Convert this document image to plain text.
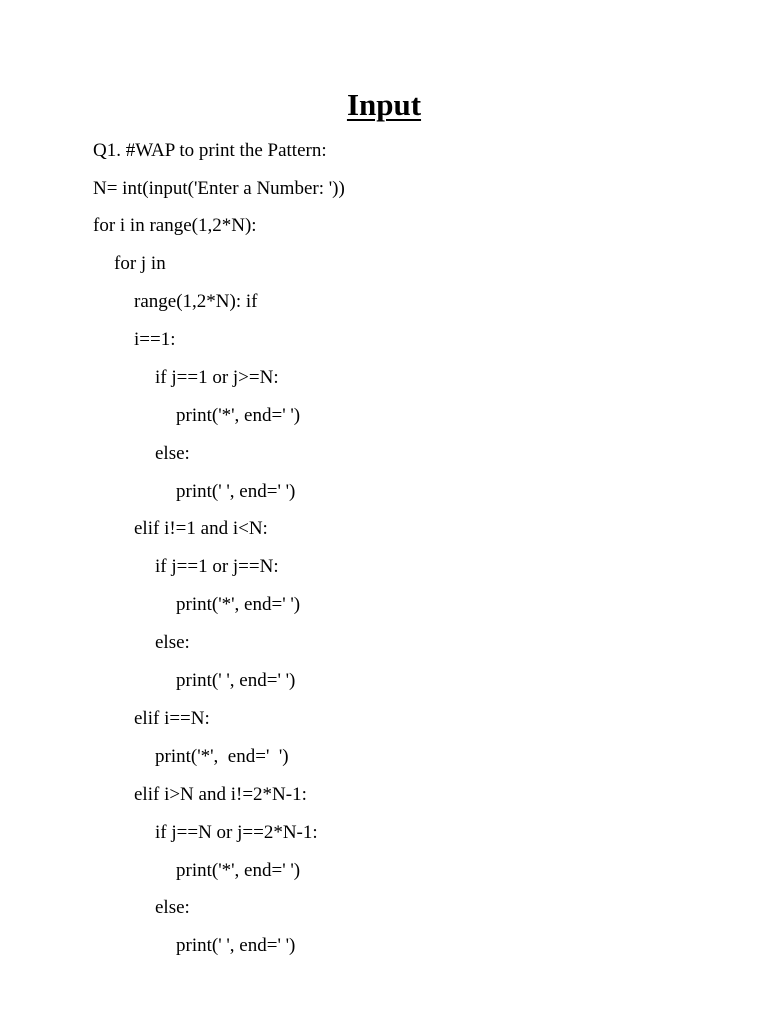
Input
Q1. #WAP to print the Pattern:
N= int(input('Enter a Number: '))
for i in range(1,2*N):
for j in
range(1,2*N): if
i==1:
if j==1 or j>=N:
print('*', end=' ')
else:
print(' ', end=' ')
elif i!=1 and i<N:
if j==1 or j==N:
print('*', end=' ')
else:
print(' ', end=' ')
elif i==N:
print('*',  end='  ')
elif i>N and i!=2*N-1:
if j==N or j==2*N-1:
print('*', end=' ')
else:
print(' ', end=' ')
